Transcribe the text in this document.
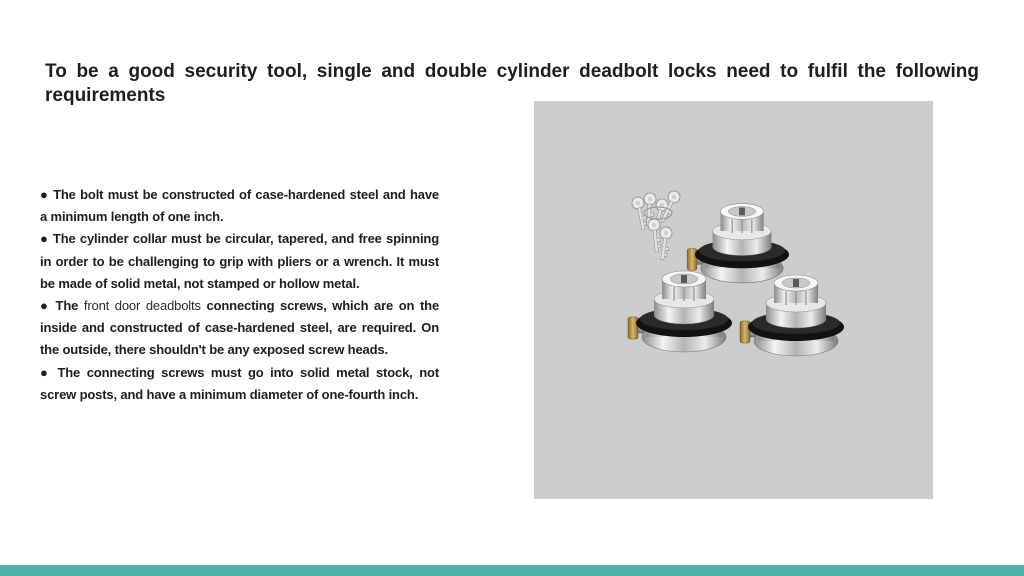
To be a good security tool, single and double cylinder deadbolt locks need to fulfil the following requirements
● The bolt must be constructed of case-hardened steel and have a minimum length of one inch.
● The cylinder collar must be circular, tapered, and free spinning in order to be challenging to grip with pliers or a wrench. It must be made of solid metal, not stamped or hollow metal.
● The front door deadbolts connecting screws, which are on the inside and constructed of case-hardened steel, are required. On the outside, there shouldn't be any exposed screw heads.
● The connecting screws must go into solid metal stock, not screw posts, and have a minimum diameter of one-fourth inch.
